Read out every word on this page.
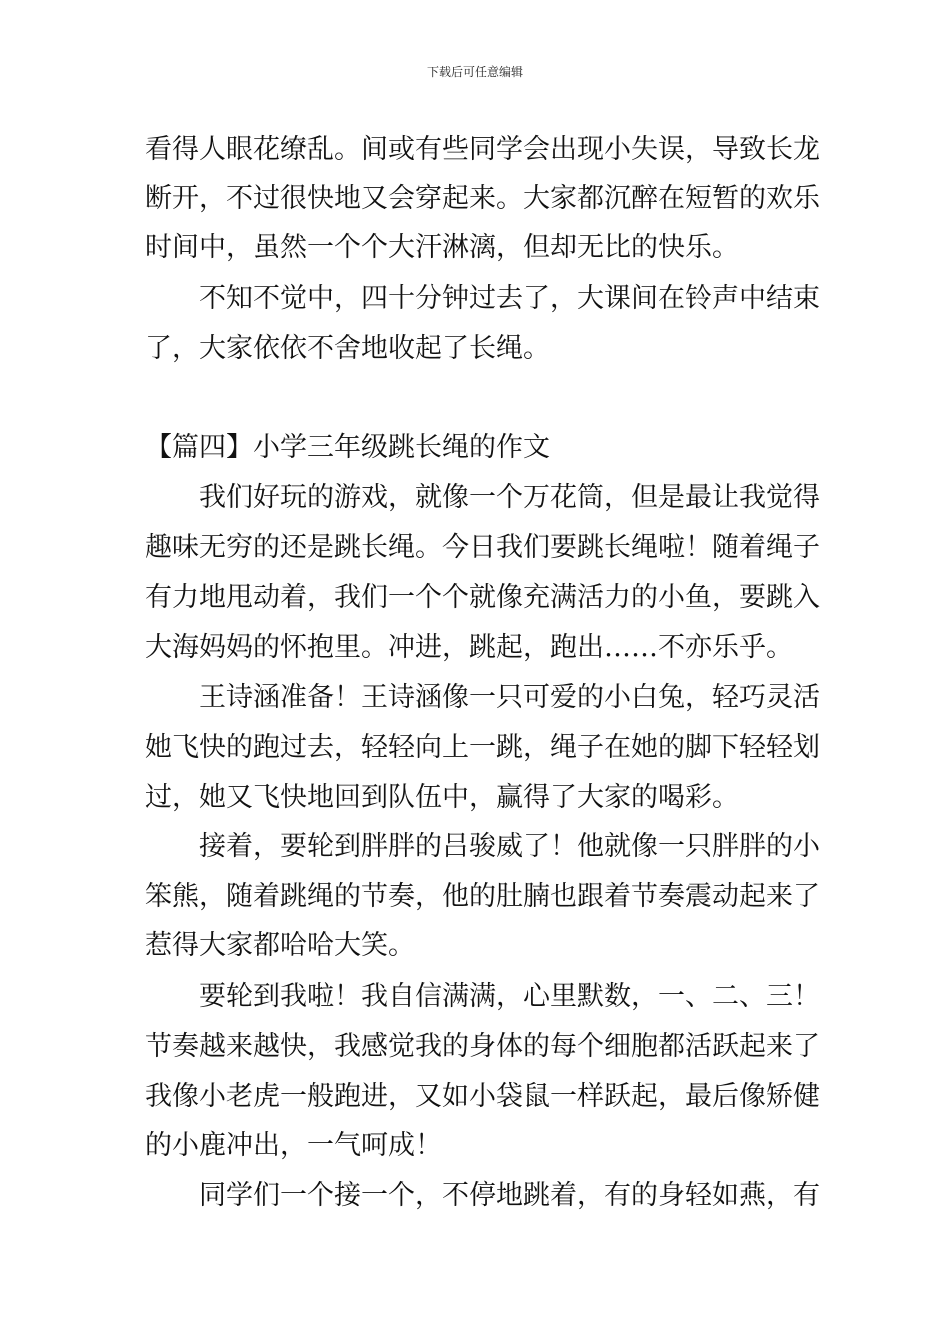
下载后可任意编辑
看得人眼花缭乱。间或有些同学会出现小失误，导致长龙
断开，不过很快地又会穿起来。大家都沉醉在短暂的欢乐
时间中，虽然一个个大汗淋漓，但却无比的快乐。
不知不觉中，四十分钟过去了，大课间在铃声中结束
了，大家依依不舍地收起了长绳。
【篇四】小学三年级跳长绳的作文
我们好玩的游戏，就像一个万花筒，但是最让我觉得
趣味无穷的还是跳长绳。今日我们要跳长绳啦！随着绳子
有力地甩动着，我们一个个就像充满活力的小鱼，要跳入
大海妈妈的怀抱里。冲进，跳起，跑出……不亦乐乎。
王诗涵准备！王诗涵像一只可爱的小白兔，轻巧灵活
她飞快的跑过去，轻轻向上一跳，绳子在她的脚下轻轻划
过，她又飞快地回到队伍中，赢得了大家的喝彩。
接着，要轮到胖胖的吕骏威了！他就像一只胖胖的小
笨熊，随着跳绳的节奏，他的肚腩也跟着节奏震动起来了
惹得大家都哈哈大笑。
要轮到我啦！我自信满满，心里默数，一、二、三！
节奏越来越快，我感觉我的身体的每个细胞都活跃起来了
我像小老虎一般跑进，又如小袋鼠一样跃起，最后像矫健
的小鹿冲出，一气呵成！
同学们一个接一个，不停地跳着，有的身轻如燕，有
